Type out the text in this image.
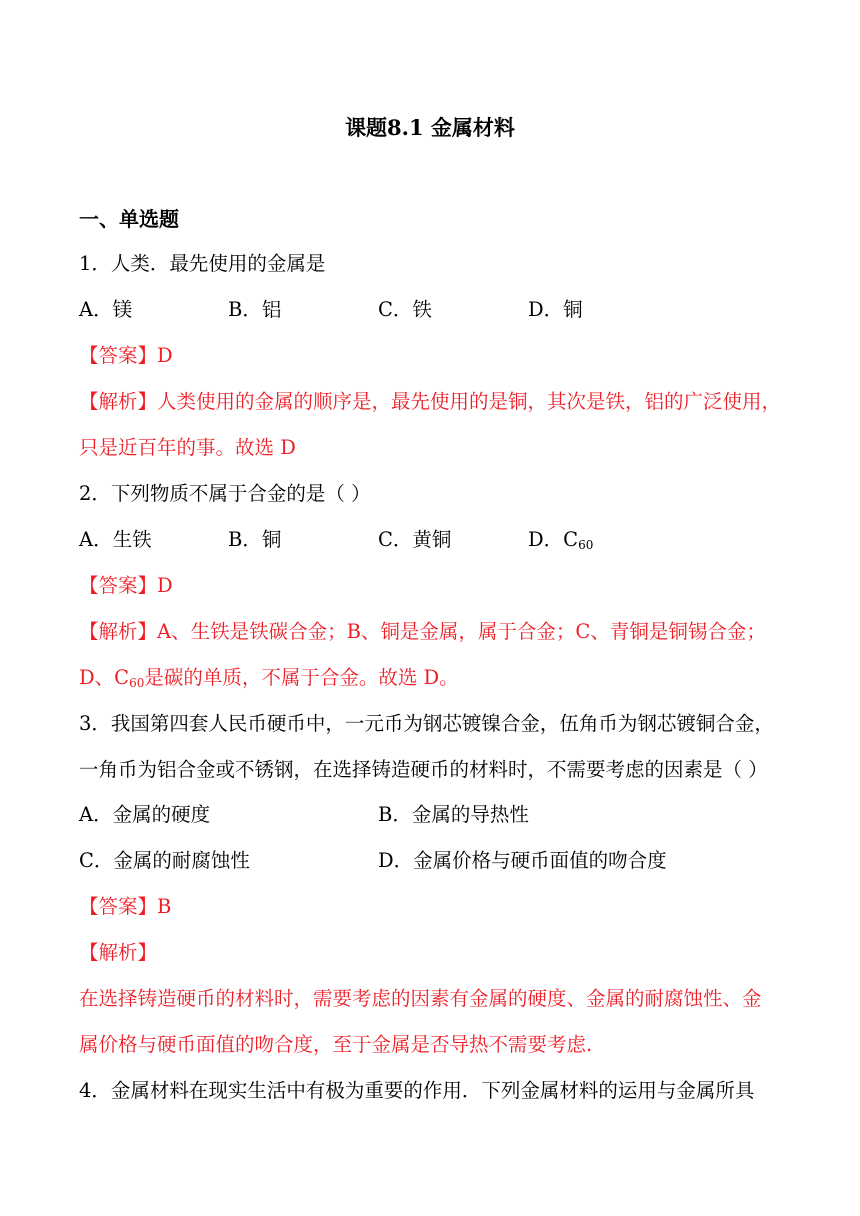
课题8.1 金属材料
一、单选题
1．人类．最先使用的金属是
A．镁	B．铝	C．铁	D．铜
【答案】D
【解析】人类使用的金属的顺序是，最先使用的是铜，其次是铁，铝的广泛使用，
只是近百年的事。故选 D
2．下列物质不属于合金的是（ ）
A．生铁	B．铜	C．黄铜	D．$C_{60}$
【答案】D
【解析】A、生铁是铁碳合金；B、铜是金属，属于合金；C、青铜是铜锡合金；
D、$C_{60}$是碳的单质，不属于合金。故选 D。
3．我国第四套人民币硬币中，一元币为钢芯镀镍合金，伍角币为钢芯镀铜合金，
一角币为铝合金或不锈钢，在选择铸造硬币的材料时，不需要考虑的因素是（ ）
A．金属的硬度	B．金属的导热性
C．金属的耐腐蚀性	D．金属价格与硬币面值的吻合度
【答案】B
【解析】
在选择铸造硬币的材料时，需要考虑的因素有金属的硬度、金属的耐腐蚀性、金
属价格与硬币面值的吻合度，至于金属是否导热不需要考虑.
4．金属材料在现实生活中有极为重要的作用．下列金属材料的运用与金属所具
